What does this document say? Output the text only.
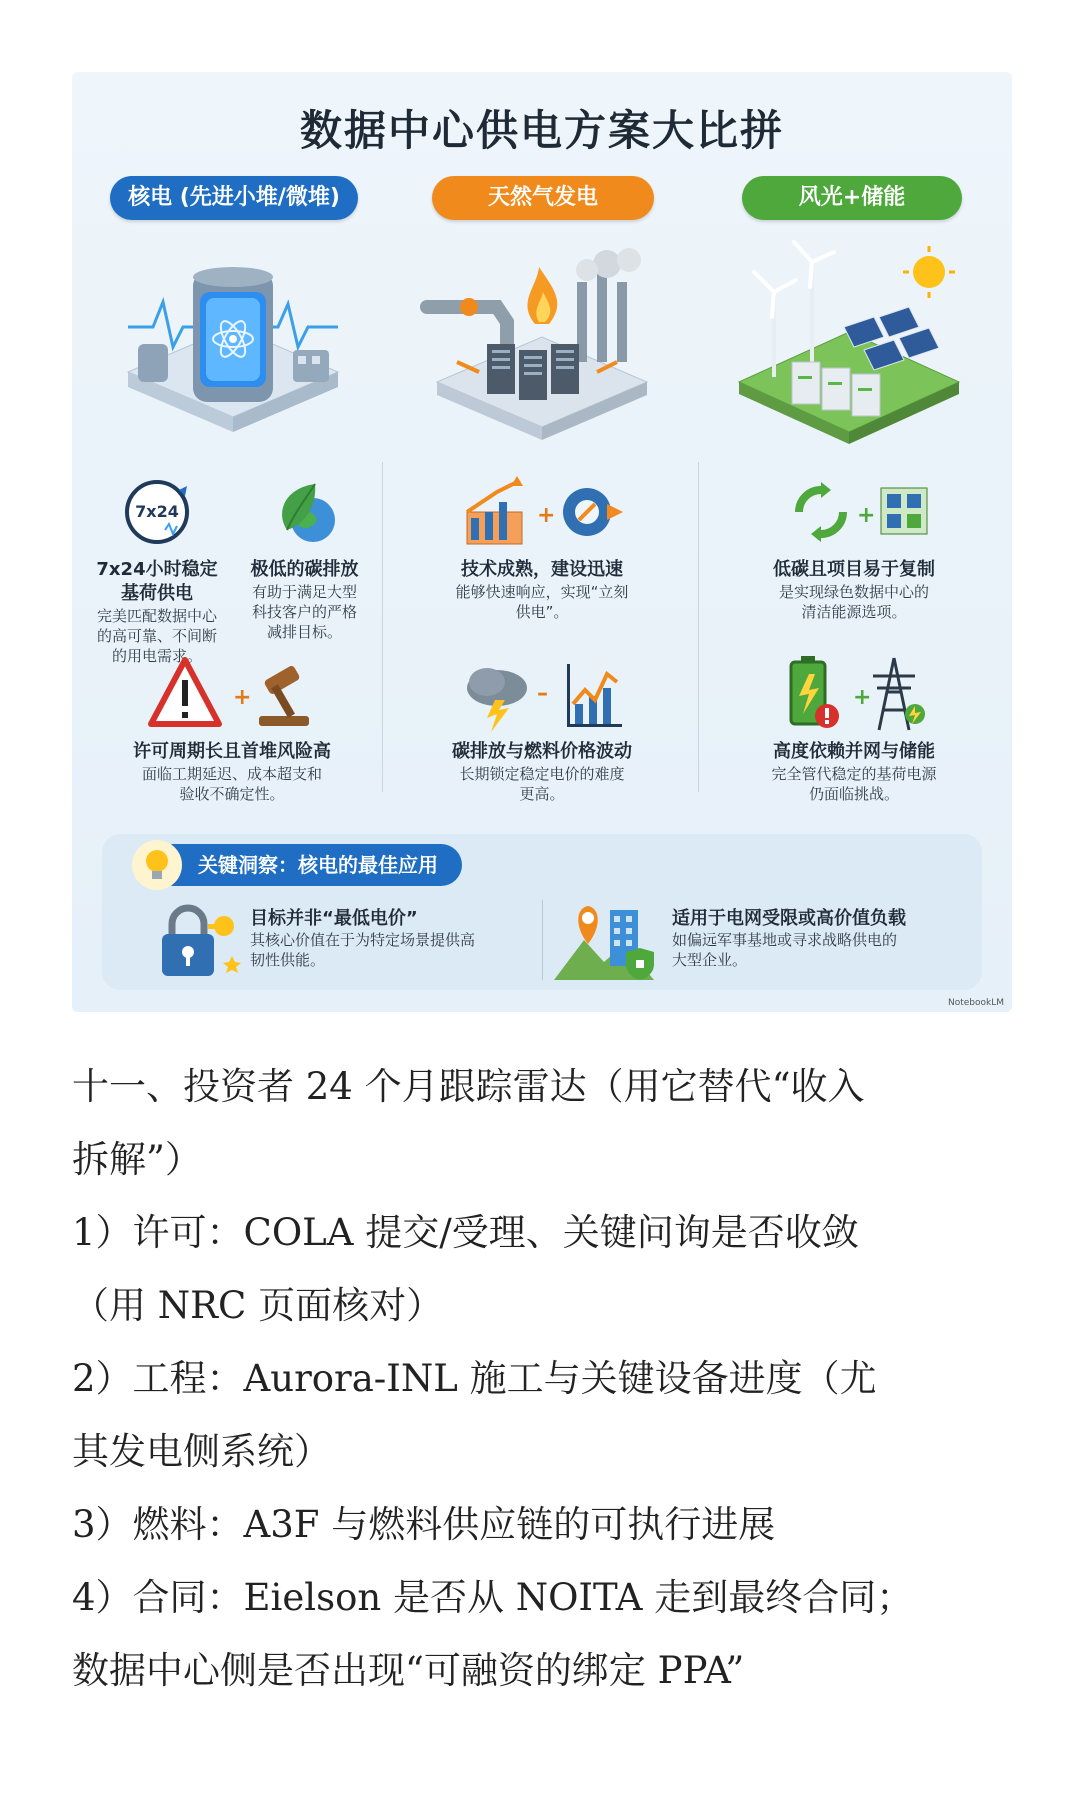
数据中心供电方案大比拼
核电 (先进小堆/微堆)	天然气发电	风光+储能
7x24
7x24小时稳定
基荷供电
完美匹配数据中心
的高可靠、不间断
的用电需求。
极低的碳排放
有助于满足大型
科技客户的严格
减排目标。
+
技术成熟，建设迅速
能够快速响应，实现“立刻
供电”。
+
低碳且项目易于复制
是实现绿色数据中心的
清洁能源选项。
+
许可周期长且首堆风险高
面临工期延迟、成本超支和
验收不确定性。
–
碳排放与燃料价格波动
长期锁定稳定电价的难度
更高。
+
高度依赖并网与储能
完全管代稳定的基荷电源
仍面临挑战。
关键洞察：核电的最佳应用
目标并非“最低电价”
其核心价值在于为特定场景提供高
韧性供能。
适用于电网受限或高价值负载
如偏远军事基地或寻求战略供电的
大型企业。
NotebookLM

十一、投资者 24 个月跟踪雷达（用它替代“收入

拆解”）

1）许可：COLA 提交/受理、关键问询是否收敛

（用 NRC 页面核对）

2）工程：Aurora-INL 施工与关键设备进度（尤

其发电侧系统）

3）燃料：A3F 与燃料供应链的可执行进展

4）合同：Eielson 是否从 NOITA 走到最终合同；

数据中心侧是否出现“可融资的绑定 PPA”
